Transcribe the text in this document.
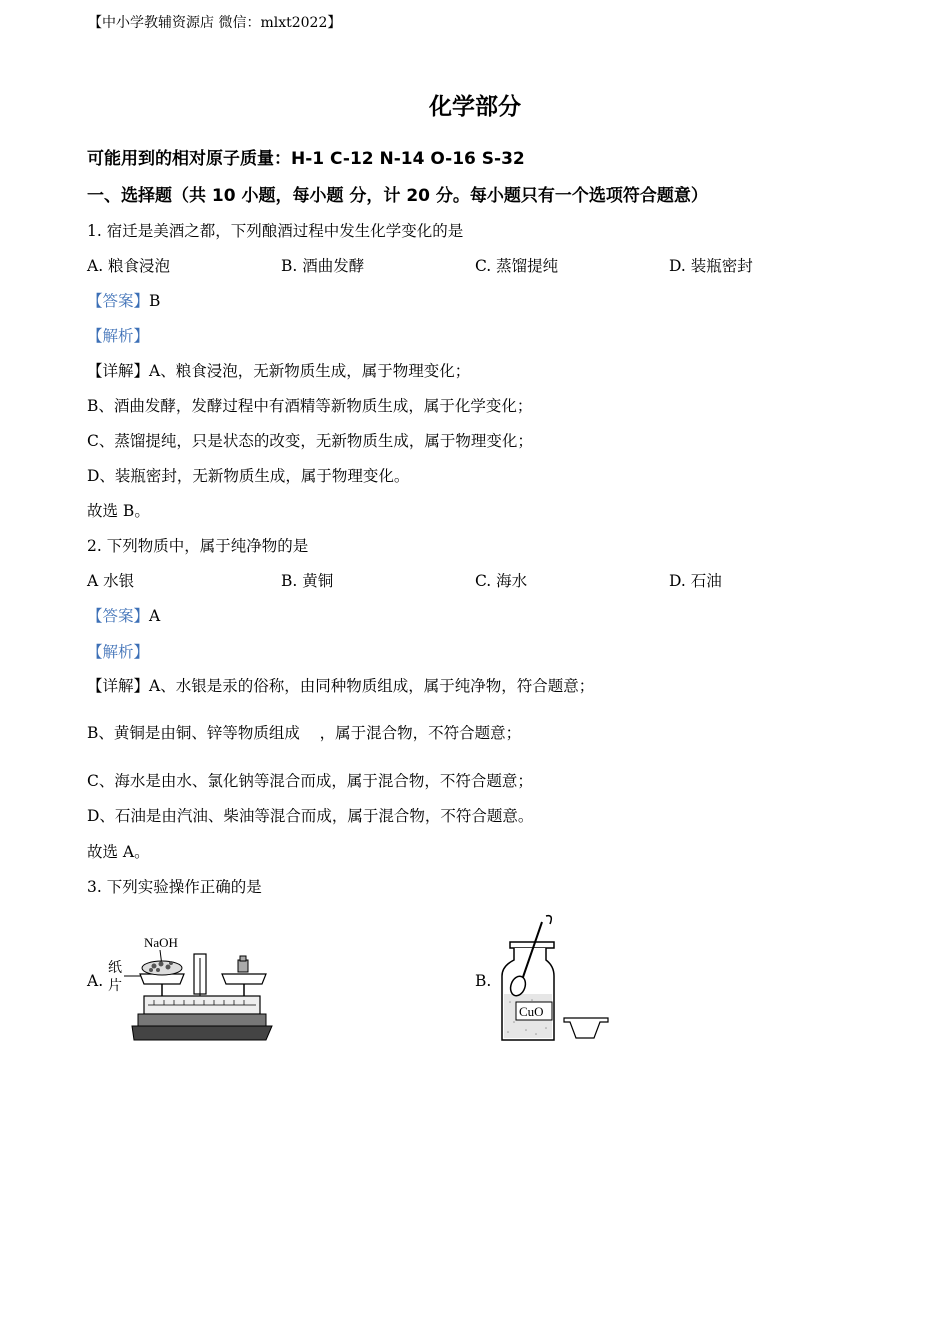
【中小学教辅资源店 微信：mlxt2022】
化学部分
可能用到的相对原子质量：H-1 C-12 N-14 O-16 S-32
一、选择题（共 10 小题，每小题 分，计 20 分。每小题只有一个选项符合题意）
1. 宿迁是美酒之都，下列酿酒过程中发生化学变化的是
A. 粮食浸泡	B. 酒曲发酵	C. 蒸馏提纯	D. 装瓶密封
【答案】B
【解析】
【详解】A、粮食浸泡，无新物质生成，属于物理变化；
B、酒曲发酵，发酵过程中有酒精等新物质生成，属于化学变化；
C、蒸馏提纯，只是状态的改变，无新物质生成，属于物理变化；
D、装瓶密封，无新物质生成，属于物理变化。
故选 B。
2. 下列物质中，属于纯净物的是
A 水银	B. 黄铜	C. 海水	D. 石油
【答案】A
【解析】
【详解】A、水银是汞的俗称，由同种物质组成，属于纯净物，符合题意；
B、黄铜是由铜、锌等物质组成    ，属于混合物，不符合题意；
C、海水是由水、氯化钠等混合而成，属于混合物，不符合题意；
D、石油是由汽油、柴油等混合而成，属于混合物，不符合题意。
故选 A。
3. 下列实验操作正确的是
A.
NaOH
纸
片	B.
CuO
